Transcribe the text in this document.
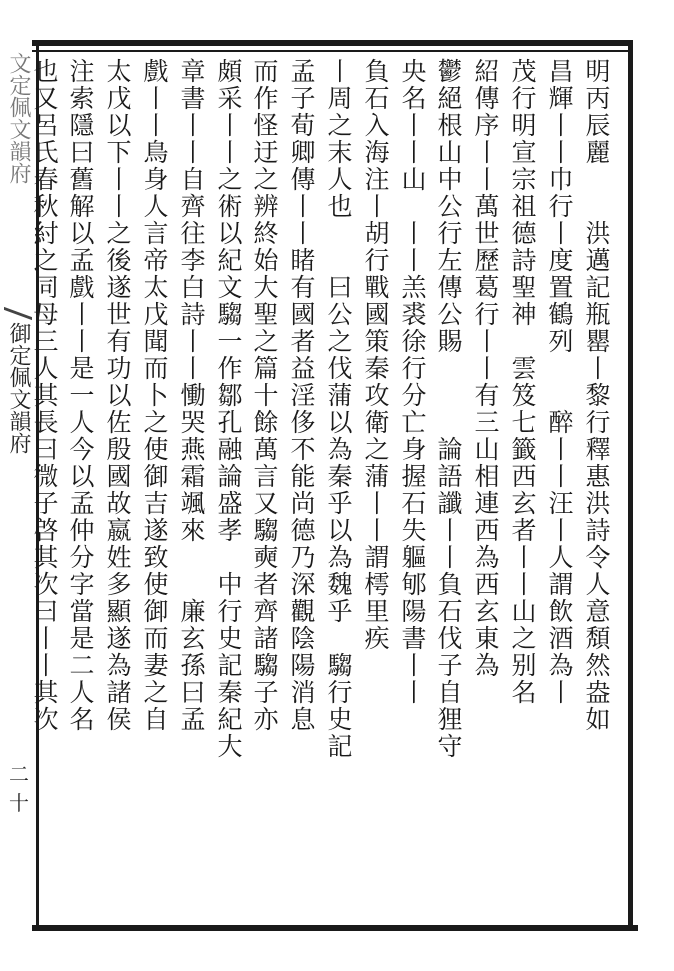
文定佩文韻府
御定佩文韻府
二十
明丙辰麗　　洪邁記瓶罌丨黎行釋惠洪詩令人意頽然盎如
昌輝丨丨巾行丨度置鶴列　　醉丨丨汪丨人謂飲酒為丨
茂行明宣宗祖德詩聖神　雲笈七籤西玄者丨丨山之别名
紹傳序丨丨萬世歷葛行丨丨有三山相連西為西玄東為
鬱絕根山中公行左傳公賜　　　論語讖丨丨負石伐子自狸守
央名丨丨山　丨丨羔裘徐行分亡身握石失軀郇陽書丨丨
負石入海注丨胡行戰國策秦攻衛之蒲丨丨謂樗里疾
丨周之末人也　　曰公之伐蒲以為秦乎以為魏乎　騶行史記
孟子荀卿傳丨丨睹有國者益淫侈不能尚德乃深觀陰陽消息
而作怪迂之辨終始大聖之篇十餘萬言又騶奭者齊諸騶子亦
頗采丨丨之術以紀文騶一作鄒孔融論盛孝　中行史記秦紀大
章書丨丨自齊往李白詩丨丨慟哭燕霜颯來　　廉玄孫曰孟
戲丨丨鳥身人言帝太戊聞而卜之使御吉遂致使御而妻之自
太戊以下丨丨之後遂世有功以佐殷國故嬴姓多顯遂為諸侯
注索隱曰舊解以孟戲丨丨是一人今以孟仲分字當是二人名
也又呂氏春秋紂之同母三人其長曰微子啓其次曰丨丨其次
